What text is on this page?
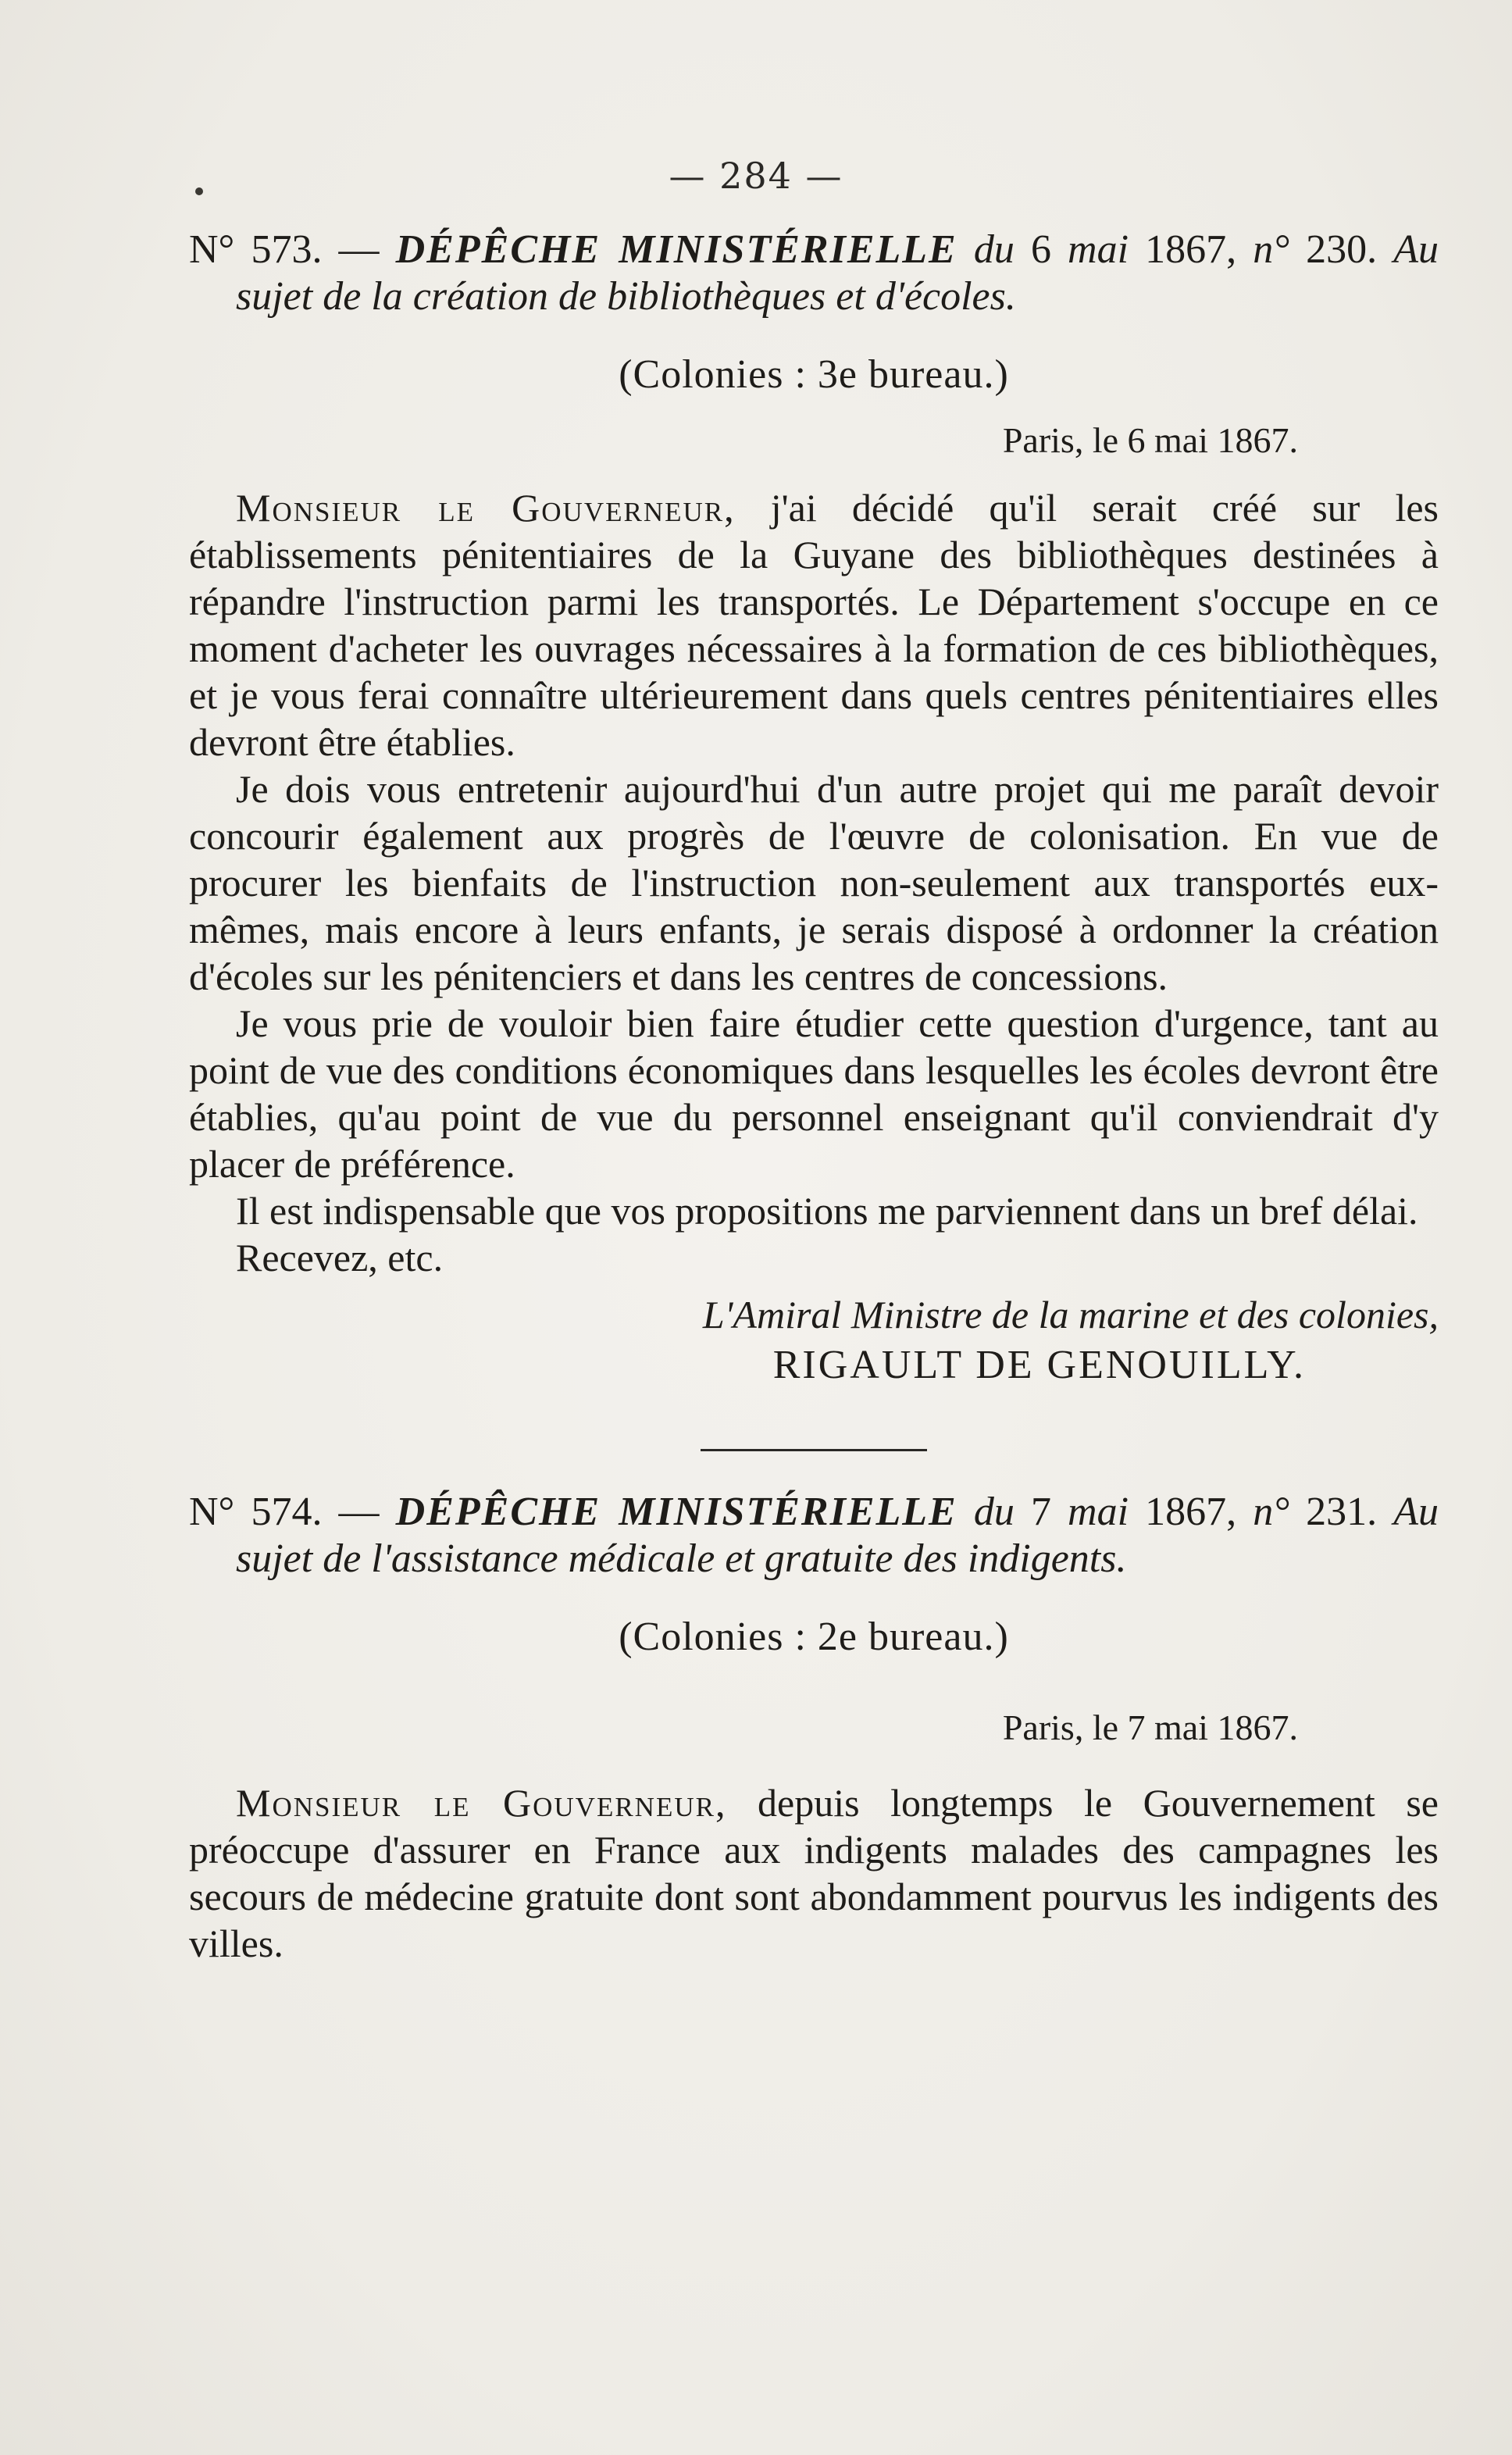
— 284 —
N° 573. — DÉPÊCHE MINISTÉRIELLE du 6 mai 1867, n° 230. Au sujet de la création de bibliothèques et d'écoles.
(Colonies : 3e bureau.)
Paris, le 6 mai 1867.

Monsieur le Gouverneur, j'ai décidé qu'il serait créé sur les établissements pénitentiaires de la Guyane des bibliothèques destinées à répandre l'instruction parmi les transportés. Le Département s'occupe en ce moment d'acheter les ouvrages nécessaires à la formation de ces bibliothèques, et je vous ferai connaître ultérieurement dans quels centres pénitentiaires elles devront être établies.

Je dois vous entretenir aujourd'hui d'un autre projet qui me paraît devoir concourir également aux progrès de l'œuvre de colonisation. En vue de procurer les bienfaits de l'instruction non-seulement aux transportés eux-mêmes, mais encore à leurs enfants, je serais disposé à ordonner la création d'écoles sur les pénitenciers et dans les centres de concessions.

Je vous prie de vouloir bien faire étudier cette question d'urgence, tant au point de vue des conditions économiques dans lesquelles les écoles devront être établies, qu'au point de vue du personnel enseignant qu'il conviendrait d'y placer de préférence.

Il est indispensable que vos propositions me parviennent dans un bref délai.

Recevez, etc.

L'Amiral Ministre de la marine et des colonies,
RIGAULT DE GENOUILLY.
N° 574. — DÉPÊCHE MINISTÉRIELLE du 7 mai 1867, n° 231. Au sujet de l'assistance médicale et gratuite des indigents.
(Colonies : 2e bureau.)
Paris, le 7 mai 1867.

Monsieur le Gouverneur, depuis longtemps le Gouvernement se préoccupe d'assurer en France aux indigents malades des campagnes les secours de médecine gratuite dont sont abondamment pourvus les indigents des villes.
